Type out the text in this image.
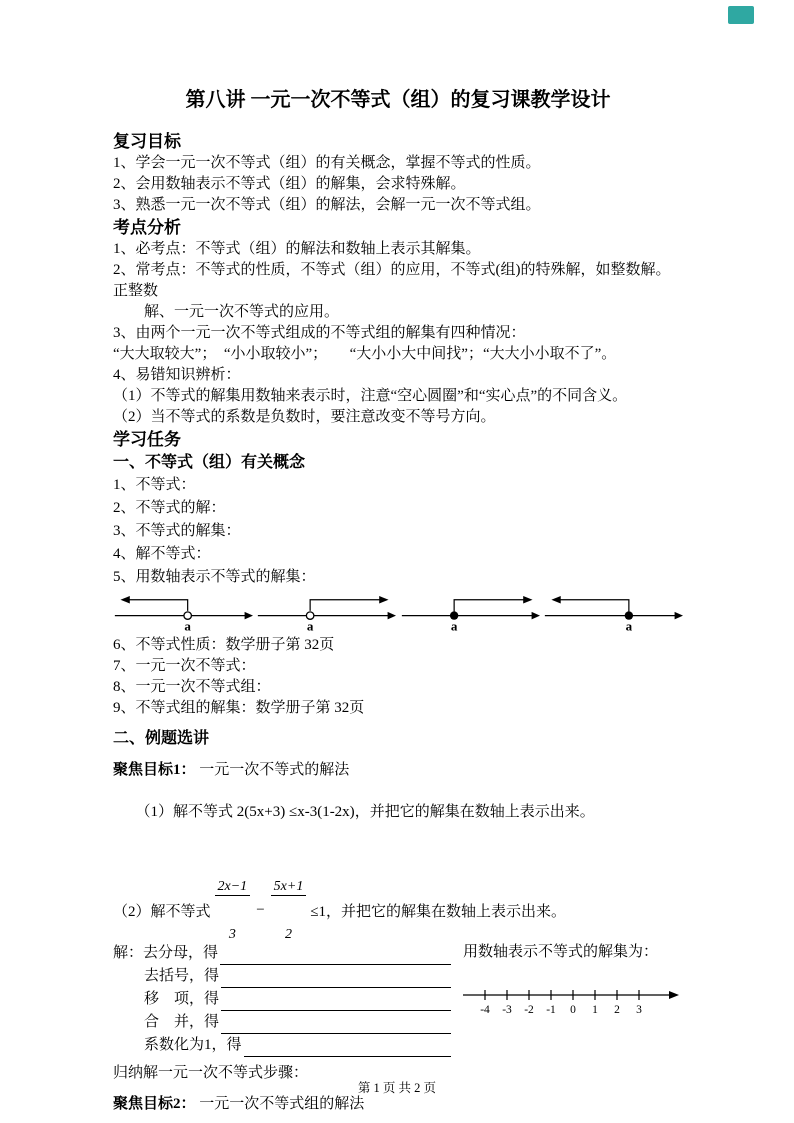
第八讲 一元一次不等式（组）的复习课教学设计
复习目标
1、学会一元一次不等式（组）的有关概念，掌握不等式的性质。
2、会用数轴表示不等式（组）的解集，会求特殊解。
3、熟悉一元一次不等式（组）的解法，会解一元一次不等式组。
考点分析
1、必考点：不等式（组）的解法和数轴上表示其解集。
2、常考点：不等式的性质，不等式（组）的应用，不等式(组)的特殊解，如整数解。正整数
解、一元一次不等式的应用。
3、由两个一元一次不等式组成的不等式组的解集有四种情况：
“大大取较大”；　“小小取较小”；　　“大小小大中间找”；“大大小小取不了”。
4、易错知识辨析：
（1）不等式的解集用数轴来表示时，注意“空心圆圈”和“实心点”的不同含义。
（2）当不等式的系数是负数时，要注意改变不等号方向。
学习任务
一、不等式（组）有关概念
1、不等式：
2、不等式的解：
3、不等式的解集：
4、解不等式：
5、用数轴表示不等式的解集：
a	a	a	a
6、不等式性质：数学册子第 32页
7、一元一次不等式：
8、一元一次不等式组：
9、不等式组的解集：数学册子第 32页
二、例题选讲
聚焦目标1： 一元一次不等式的解法

（1）解不等式 2(5x+3) ≤x-3(1-2x)，并把它的解集在数轴上表示出来。

（2）解不等式

$\frac{2x-1}{3}$

−

$\frac{5x+1}{2}$

≤1，并把它的解集在数轴上表示出来。
解： 去分母，得
去括号，得
移　项，得
合　并，得
系数化为1，得
用数轴表示不等式的解集为：
-4 -3 -2 -1 0 1 2 3
归纳解一元一次不等式步骤：
聚焦目标2： 一元一次不等式组的解法
第 1 页 共 2 页
